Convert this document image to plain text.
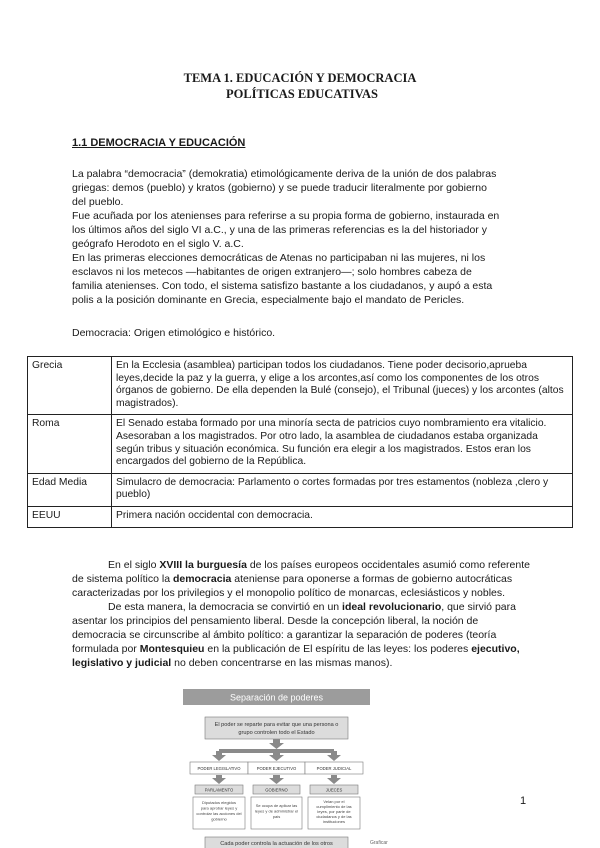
TEMA 1. EDUCACIÓN Y DEMOCRACIA
POLÍTICAS EDUCATIVAS
1.1 DEMOCRACIA Y EDUCACIÓN
La palabra “democracia” (demokratia) etimológicamente deriva de la unión de dos palabras
griegas: demos (pueblo) y kratos (gobierno) y se puede traducir literalmente por gobierno
del pueblo.
Fue acuñada por los atenienses para referirse a su propia forma de gobierno, instaurada en
los últimos años del siglo VI a.C., y una de las primeras referencias es la del historiador y
geógrafo Herodoto en el siglo V. a.C.
En las primeras elecciones democráticas de Atenas no participaban ni las mujeres, ni los
esclavos ni los metecos —habitantes de origen extranjero—; solo hombres cabeza de
familia atenienses. Con todo, el sistema satisfizo bastante a los ciudadanos, y aupó a esta
polis a la posición dominante en Grecia, especialmente bajo el mandato de Pericles.
Democracia: Origen etimológico e histórico.
Grecia	En la Ecclesia (asamblea) participan todos los ciudadanos. Tiene poder decisorio,aprueba leyes,decide la paz y la guerra, y elige a los arcontes,así como los componentes de los otros órganos de gobierno. De ella dependen la Bulé (consejo), el Tribunal (jueces) y los arcontes (altos magistrados).
Roma	El Senado estaba formado por una minoría secta de patricios cuyo nombramiento era vitalicio. Asesoraban a los magistrados. Por otro lado, la asamblea de ciudadanos estaba organizada según tribus y situación económica. Su función era elegir a los magistrados. Estos eran los encargados del gobierno de la República.
Edad Media	Simulacro de democracia: Parlamento o cortes formadas por tres estamentos (nobleza ,clero y pueblo)
EEUU	Primera nación occidental con democracia.
En el siglo XVIII la burguesía de los países europeos occidentales asumió como referente de sistema político la democracia ateniense para oponerse a formas de gobierno autocráticas caracterizadas por los privilegios y el monopolio político de monarcas, eclesiásticos y nobles.
De esta manera, la democracia se convirtió en un ideal revolucionario, que sirvió para asentar los principios del pensamiento liberal. Desde la concepción liberal, la noción de democracia se circunscribe al ámbito político: a garantizar la separación de poderes (teoría formulada por Montesquieu en la publicación de El espíritu de las leyes: los poderes ejecutivo, legislativo y judicial no deben concentrarse en las mismas manos).
Separación de poderes
El poder se reparte para evitar que una persona o
grupo controlen todo el Estado
PODER LEGISLATIVO	PODER EJECUTIVO	PODER JUDICIAL
PARLAMENTO	GOBIERNO	JUECES
Diputados elegidos
para aprobar leyes y
controlar las acciones del
gobierno
Se ocupa de aplicar las
leyes y de administrar el
país
Velan por el
cumplimiento de las
leyes, por parte de
ciudadanos y de las
instituciones
Cada poder controla la actuación de los otros
1
Graficar
